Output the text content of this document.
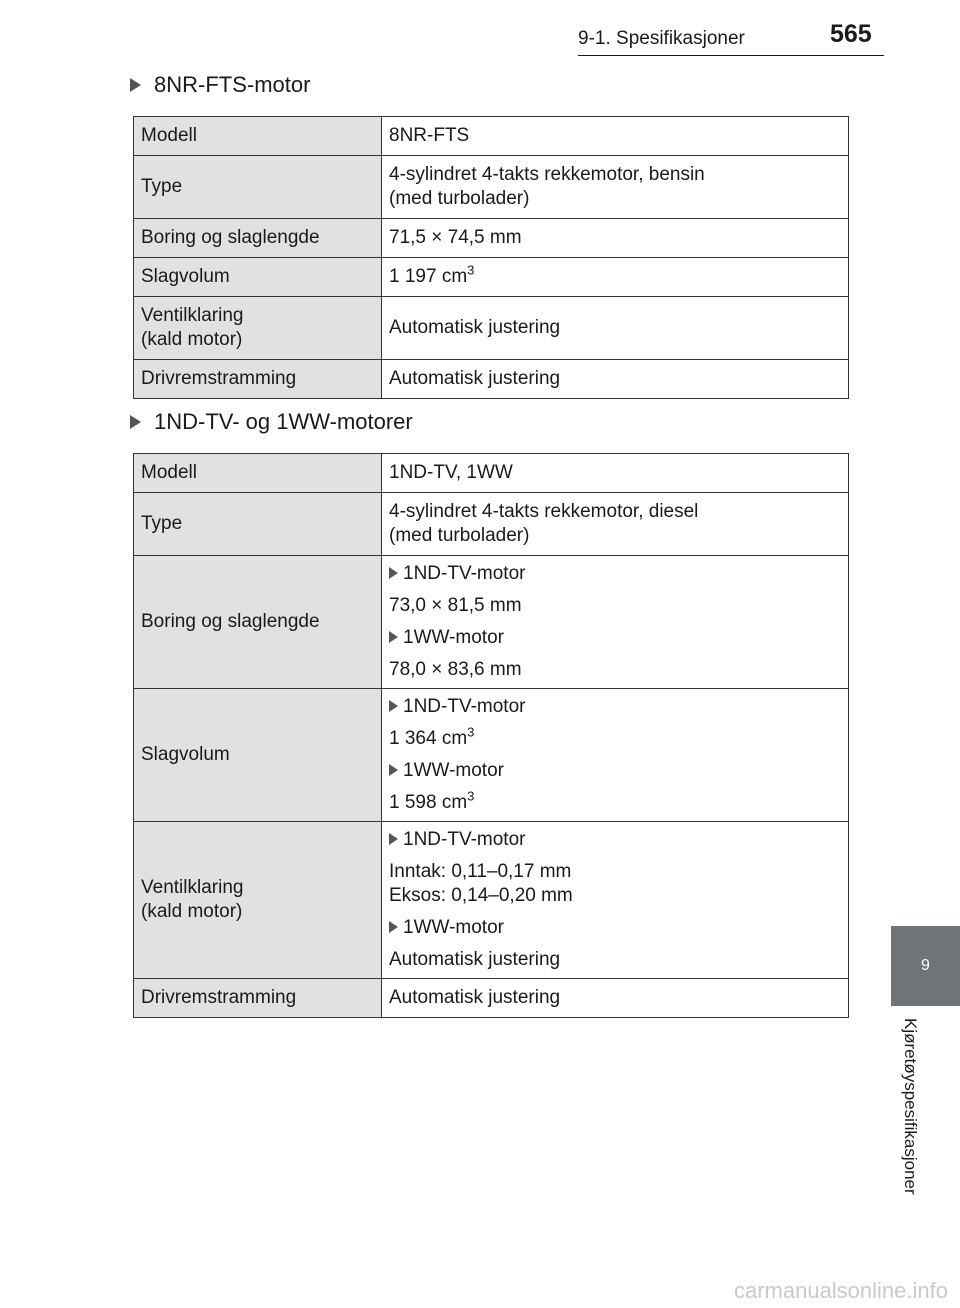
9-1. Spesifikasjoner	565
8NR-FTS-motor
Modell	8NR-FTS
Type	4-sylindret 4-takts rekkemotor, bensin
(med turbolader)

Boring og slaglengde	71,5 × 74,5 mm
Slagvolum	1 197 $cm^3$

Ventilklaring
(kald motor)	Automatisk justering
Drivremstramming	Automatisk justering
1ND-TV- og 1WW-motorer
Modell	1ND-TV, 1WW
Type	4-sylindret 4-takts rekkemotor, diesel
(med turbolader)

Boring og slaglengde	1ND-TV-motor
73,0 × 81,5 mm
1WW-motor
78,0 × 83,6 mm

Slagvolum	1ND-TV-motor
1 364 $cm^3$
1WW-motor
1 598 $cm^3$

Ventilklaring
(kald motor)	1ND-TV-motor
Inntak: 0,11–0,17 mm
Eksos: 0,14–0,20 mm
1WW-motor
Automatisk justering

Drivremstramming	Automatisk justering
9
Kjøretøyspesifikasjoner
carmanualsonline.info
